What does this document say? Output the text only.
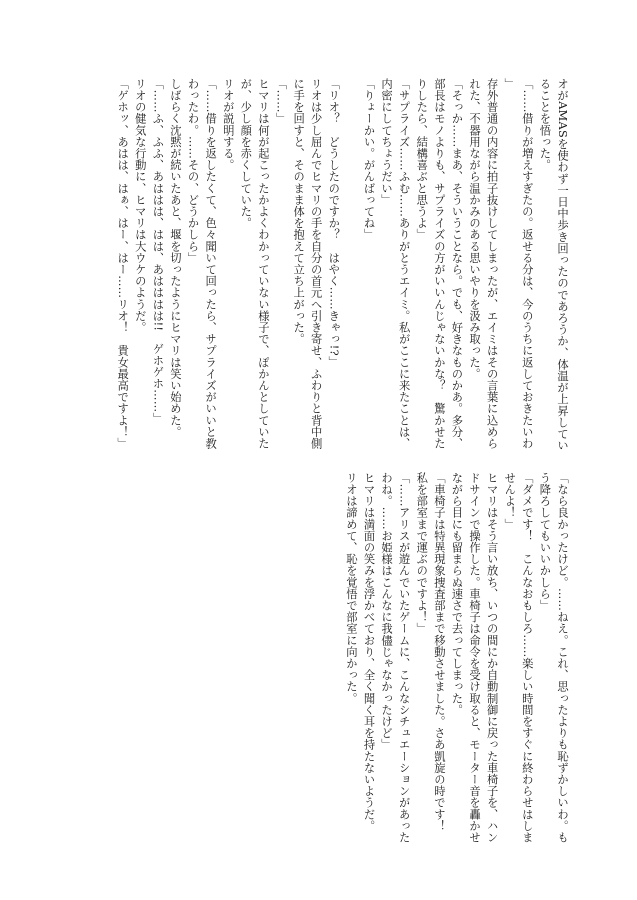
オがAMASを使わず一日中歩き回ったのであろうか、体温が上昇していることを悟った。

「……借りが増えすぎたの。返せる分は、今のうちに返しておきたいわ」

存外普通の内容に拍子抜けしてしまったが、エイミはその言葉に込められた、不器用ながら温かみのある思いやりを汲み取った。

「そっか……まあ、そういうことなら。でも、好きなものかあ。多分、部長はモノよりも、サプライズの方がいいんじゃないかな？　驚かせたりしたら、結構喜ぶと思うよ」

「サプライズ……ふむ……ありがとうエイミ。私がここに来たことは、内密にしてちょうだい」

「りょーかい。がんばってね」

「リオ？　どうしたのですか？　はやく……きゃっ!?」

リオは少し屈んでヒマリの手を自分の首元へ引き寄せ、ふわりと背中側に手を回すと、そのまま体を抱えて立ち上がった。

「……」

ヒマリは何が起こったかよくわかっていない様子で、ぽかんとしていたが、少し顔を赤くしていた。

リオが説明する。

「……借りを返したくて、色々聞いて回ったら、サプライズがいいと教わったわ。……その、どうかしら」

しばらく沈黙が続いたあと、堰を切ったようにヒマリは笑い始めた。

「……ふ、ふふ、あははは、はは、あはははは!!　ゲホゲホ……」

リオの健気な行動に、ヒマリは大ウケのようだ。

「ゲホッ、あはは、はぁ、はー、はー……リオ！　貴女最高ですよ！」

「なら良かったけど。……ねえ。これ、思ったよりも恥ずかしいわ。もう降ろしてもいいかしら」

「ダメです！　こんなおもしろ……楽しい時間をすぐに終わらせはしませんよ！」

ヒマリはそう言い放ち、いつの間にか自動制御に戻った車椅子を、ハンドサインで操作した。車椅子は命令を受け取ると、モーター音を轟かせながら目にも留まらぬ速さで去ってしまった。

「車椅子は特異現象捜査部まで移動させました。さあ凱旋の時です！　私を部室まで運ぶのですよ！」

「……アリスが遊んでいたゲームに、こんなシチュエーションがあったわね。……お姫様はこんなに我儘じゃなかったけど」

ヒマリは満面の笑みを浮かべており、全く聞く耳を持たないようだ。

リオは諦めて、恥を覚悟で部室に向かった。
